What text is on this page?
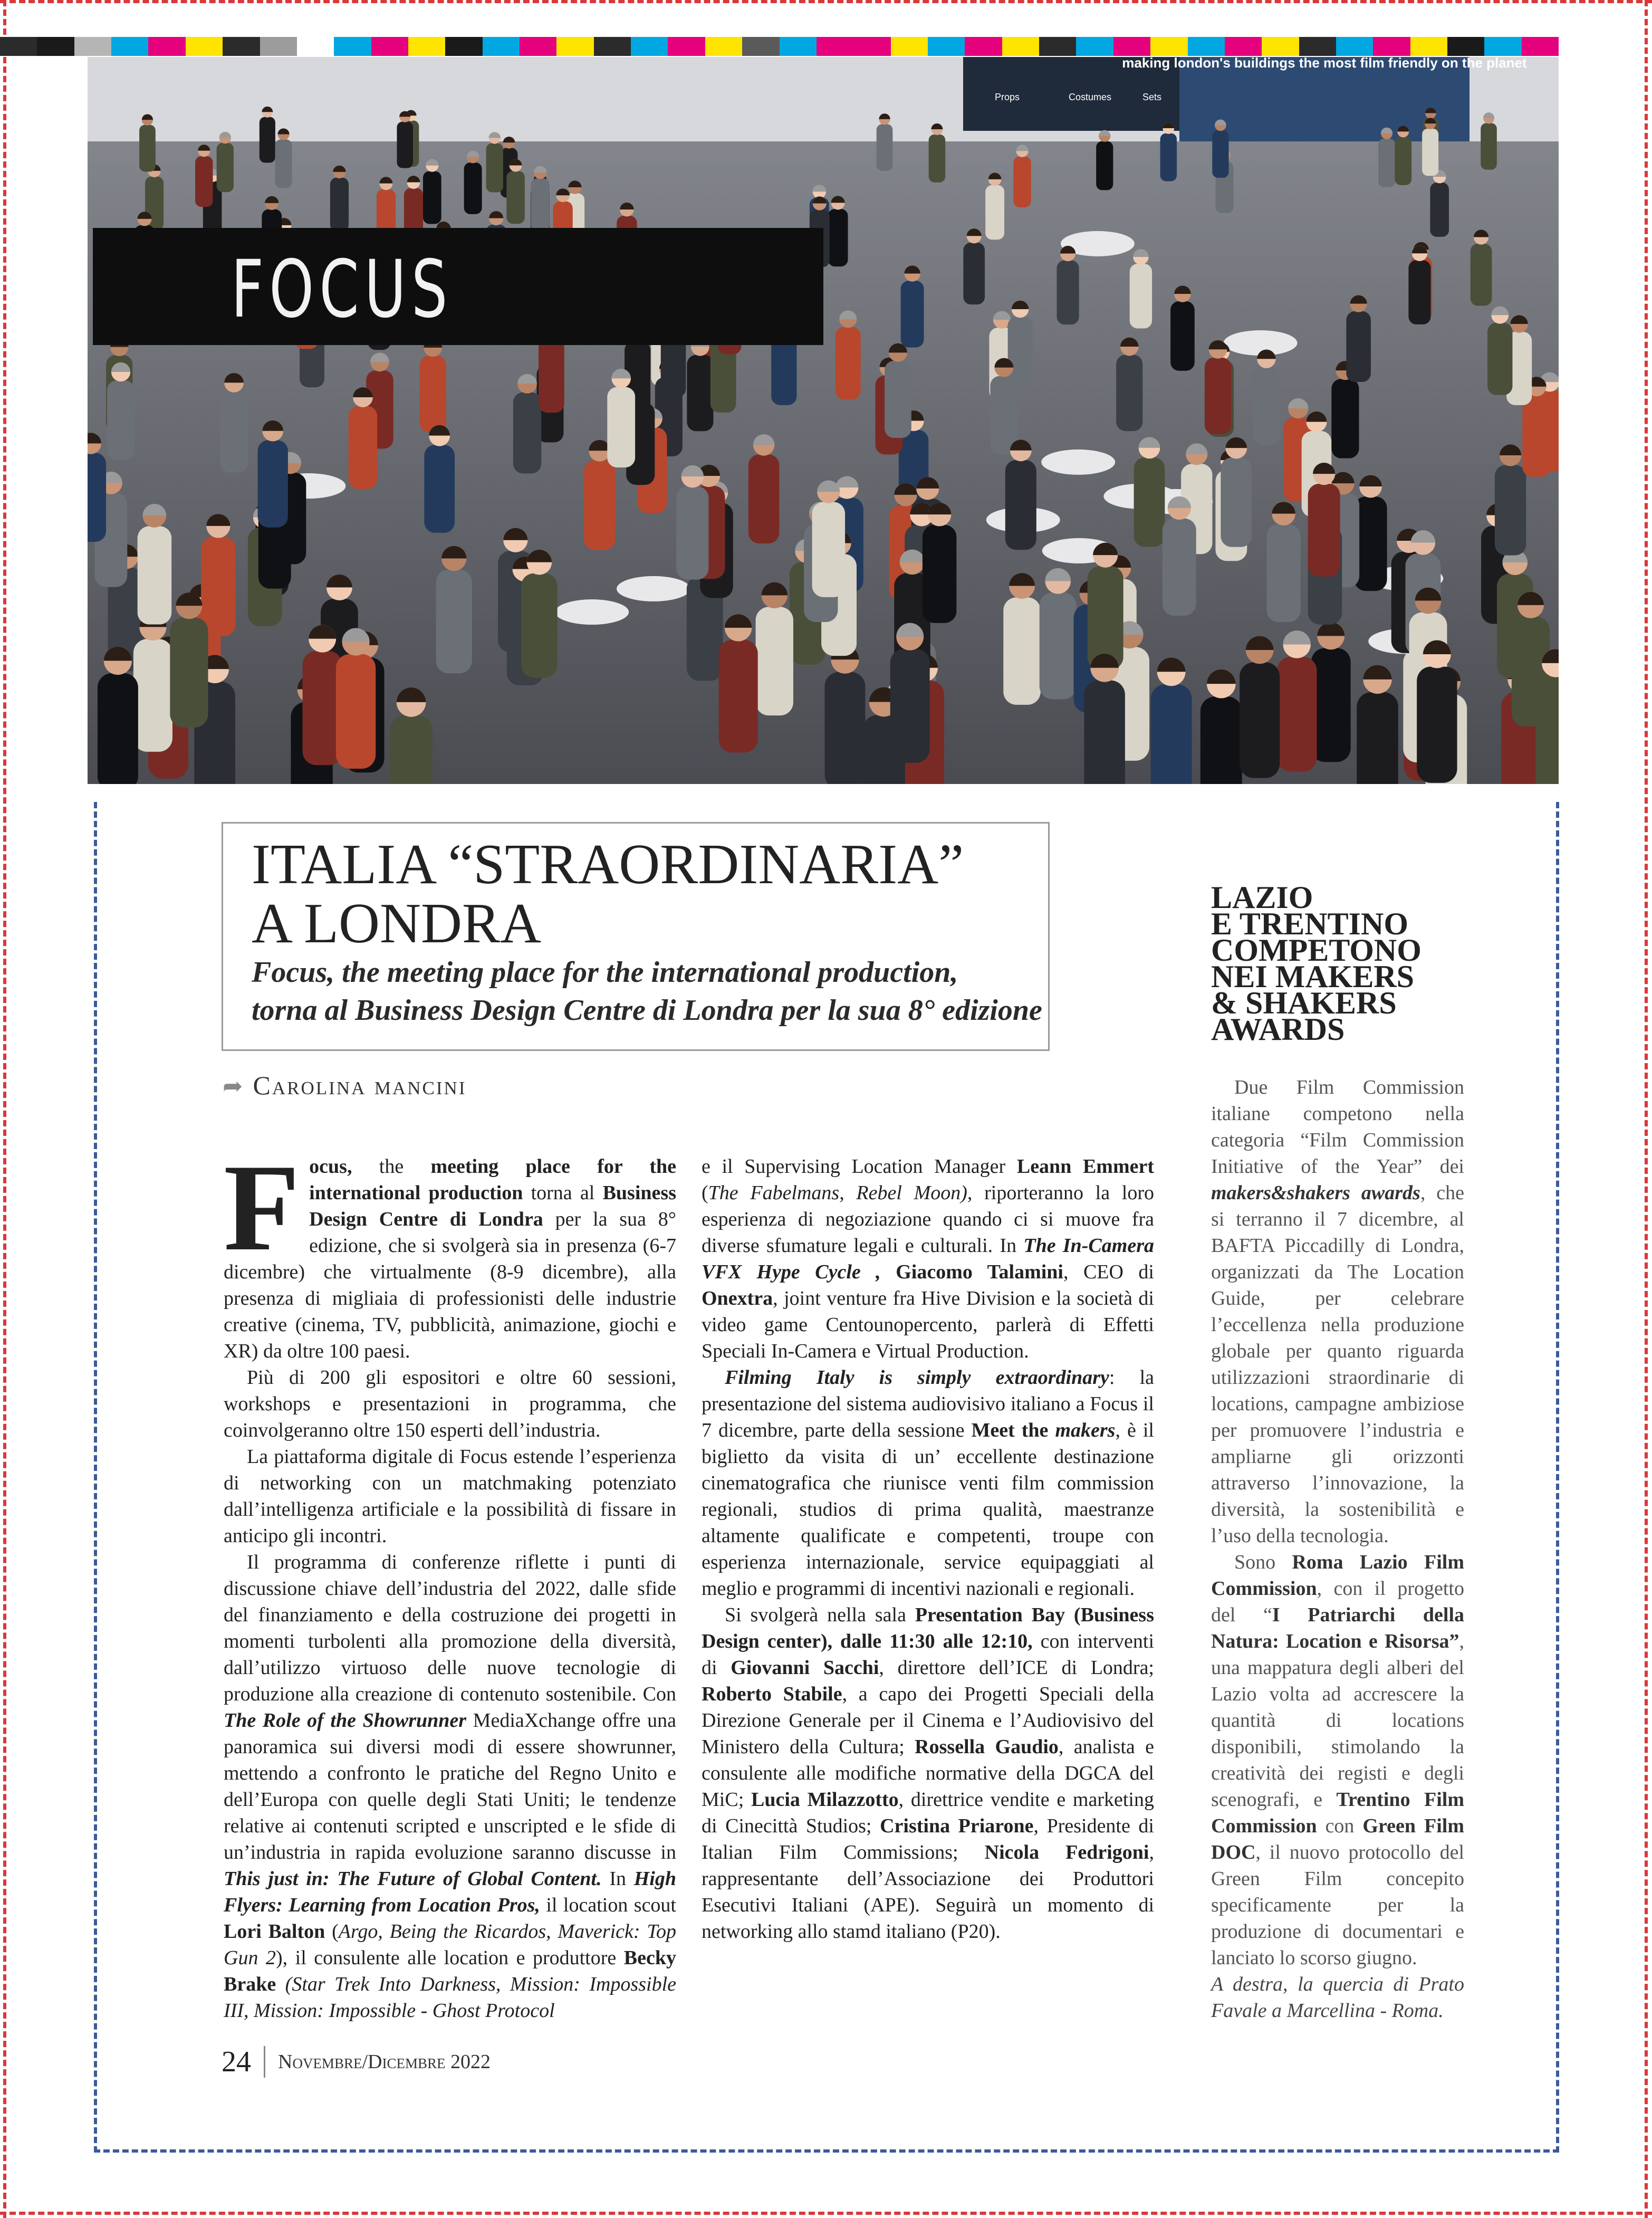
making london's buildings the most film friendly on the planet
Props	Costumes	Sets
FOCUS
ITALIA “STRAORDINARIA”
A LONDRA
Focus, the meeting place for the international production,
torna al Business Design Centre di Londra per la sua 8° edizione
➦ Carolina mancini

Focus, the meeting place for the international production torna al Business Design Centre di Londra per la sua 8° edizione, che si svolgerà sia in presenza (6-7 dicembre) che virtualmente (8-9 dicembre), alla presenza di migliaia di professionisti delle industrie creative (cinema, TV, pubblicità, animazione, giochi e XR) da oltre 100 paesi.

Più di 200 gli espositori e oltre 60 sessioni, workshops e presentazioni in programma, che coinvolgeranno oltre 150 esperti dell’industria.

La piattaforma digitale di Focus estende l’esperienza di networking con un matchmaking potenziato dall’intelligenza artificiale e la possibilità di fissare in anticipo gli incontri.

Il programma di conferenze riflette i punti di discussione chiave dell’industria del 2022, dalle sfide del finanziamento e della costruzione dei progetti in momenti turbolenti alla promozione della diversità, dall’utilizzo virtuoso delle nuove tecnologie di produzione alla creazione di contenuto sostenibile. Con The Role of the Showrunner MediaXchange offre una panoramica sui diversi modi di essere showrunner, mettendo a confronto le pratiche del Regno Unito e dell’Europa con quelle degli Stati Uniti; le tendenze relative ai contenuti scripted e unscripted e le sfide di un’industria in rapida evoluzione saranno discusse in This just in: The Future of Global Content. In High Flyers: Learning from Location Pros, il location scout Lori Balton (Argo, Being the Ricardos, Maverick: Top Gun 2), il consulente alle location e produttore Becky Brake (Star Trek Into Darkness, Mission: Impossible III, Mission: Impossible - Ghost Protocol

e il Supervising Location Manager Leann Emmert (The Fabelmans, Rebel Moon), riporteranno la loro esperienza di negoziazione quando ci si muove fra diverse sfumature legali e culturali. In The In-Camera VFX Hype Cycle , Giacomo Talamini, CEO di Onextra, joint venture fra Hive Division e la società di video game Centounopercento, parlerà di Effetti Speciali In-Camera e Virtual Production.

Filming Italy is simply extraordinary: la presentazione del sistema audiovisivo italiano a Focus il 7 dicembre, parte della sessione Meet the makers, è il biglietto da visita di un’ eccellente destinazione cinematografica che riunisce venti film commission regionali, studios di prima qualità, maestranze altamente qualificate e competenti, troupe con esperienza internazionale, service equipaggiati al meglio e programmi di incentivi nazionali e regionali.

Si svolgerà nella sala Presentation Bay (Business Design center), dalle 11:30 alle 12:10, con interventi di Giovanni Sacchi, direttore dell’ICE di Londra; Roberto Stabile, a capo dei Progetti Speciali della Direzione Generale per il Cinema e l’Audiovisivo del Ministero della Cultura; Rossella Gaudio, analista e consulente alle modifiche normative della DGCA del MiC; Lucia Milazzotto, direttrice vendite e marketing di Cinecittà Studios; Cristina Priarone, Presidente di Italian Film Commissions; Nicola Fedrigoni, rappresentante dell’Associazione dei Produttori Esecutivi Italiani (APE). Seguirà un momento di networking allo stamd italiano (P20).

LAZIO
E TRENTINO
COMPETONO
NEI MAKERS
& SHAKERS
AWARDS

Due Film Commission italiane competono nella categoria “Film Commission Initiative of the Year” dei makers&shakers awards, che si terranno il 7 dicembre, al BAFTA Piccadilly di Londra, organizzati da The Location Guide, per celebrare l’eccellenza nella produzione globale per quanto riguarda utilizzazioni straordinarie di locations, campagne ambiziose per promuovere l’industria e ampliarne gli orizzonti attraverso l’innovazione, la diversità, la sostenibilità e l’uso della tecnologia.

Sono Roma Lazio Film Commission, con il progetto del “I Patriarchi della Natura: Location e Risorsa”, una mappatura degli alberi del Lazio volta ad accrescere la quantità di locations disponibili, stimolando la creatività dei registi e degli scenografi, e Trentino Film Commission con Green Film DOC, il nuovo protocollo del Green Film concepito specificamente per la produzione di documentari e lanciato lo scorso giugno.

A destra, la quercia di Prato Favale a Marcellina - Roma.

24 Novembre/Dicembre 2022
